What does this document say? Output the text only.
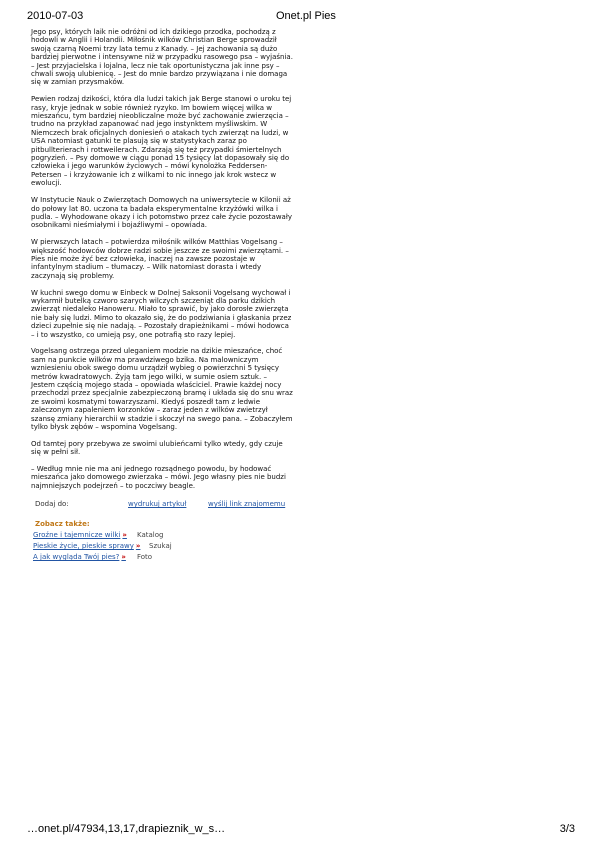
2010-07-03	Onet.pl Pies

Jego psy, których laik nie odróżni od ich dzikiego przodka, pochodzą z hodowli w Anglii i Holandii. Miłośnik wilków Christian Berge sprowadził swoją czarną Noemi trzy lata temu z Kanady. – Jej zachowania są dużo bardziej pierwotne i intensywne niż w przypadku rasowego psa – wyjaśnia. – Jest przyjacielska i lojalna, lecz nie tak oportunistyczna jak inne psy – chwali swoją ulubienicę. – Jest do mnie bardzo przywiązana i nie domaga się w zamian przysmaków.

Pewien rodzaj dzikości, która dla ludzi takich jak Berge stanowi o uroku tej rasy, kryje jednak w sobie również ryzyko. Im bowiem więcej wilka w mieszańcu, tym bardziej nieobliczalne może być zachowanie zwierzęcia – trudno na przykład zapanować nad jego instynktem myśliwskim. W Niemczech brak oficjalnych doniesień o atakach tych zwierząt na ludzi, w USA natomiast gatunki te plasują się w statystykach zaraz po pitbullterierach i rottweilerach. Zdarzają się też przypadki śmiertelnych pogryzień. – Psy domowe w ciągu ponad 15 tysięcy lat dopasowały się do człowieka i jego warunków życiowych – mówi kynolożka Feddersen-Petersen – i krzyżowanie ich z wilkami to nic innego jak krok wstecz w ewolucji.

W Instytucie Nauk o Zwierzętach Domowych na uniwersytecie w Kilonii aż do połowy lat 80. uczona ta badała eksperymentalne krzyżówki wilka i pudla. – Wyhodowane okazy i ich potomstwo przez całe życie pozostawały osobnikami nieśmiałymi i bojaźliwymi – opowiada.

W pierwszych latach – potwierdza miłośnik wilków Matthias Vogelsang – większość hodowców dobrze radzi sobie jeszcze ze swoimi zwierzętami. – Pies nie może żyć bez człowieka, inaczej na zawsze pozostaje w infantylnym stadium – tłumaczy. – Wilk natomiast dorasta i wtedy zaczynają się problemy.

W kuchni swego domu w Einbeck w Dolnej Saksonii Vogelsang wychował i wykarmił butelką czworo szarych wilczych szczeniąt dla parku dzikich zwierząt niedaleko Hanoweru. Miało to sprawić, by jako dorosłe zwierzęta nie bały się ludzi. Mimo to okazało się, że do podziwiania i głaskania przez dzieci zupełnie się nie nadają. – Pozostały drapieżnikami – mówi hodowca – i to wszystko, co umieją psy, one potrafią sto razy lepiej.

Vogelsang ostrzega przed uleganiem modzie na dzikie mieszańce, choć sam na punkcie wilków ma prawdziwego bzika. Na malowniczym wzniesieniu obok swego domu urządził wybieg o powierzchni 5 tysięcy metrów kwadratowych. Żyją tam jego wilki, w sumie osiem sztuk. – Jestem częścią mojego stada – opowiada właściciel. Prawie każdej nocy przechodzi przez specjalnie zabezpieczoną bramę i układa się do snu wraz ze swoimi kosmatymi towarzyszami. Kiedyś poszedł tam z ledwie zaleczonym zapaleniem korzonków – zaraz jeden z wilków zwietrzył szansę zmiany hierarchii w stadzie i skoczył na swego pana. – Zobaczyłem tylko błysk zębów – wspomina Vogelsang.

Od tamtej pory przebywa ze swoimi ulubieńcami tylko wtedy, gdy czuje się w pełni sił.

– Według mnie nie ma ani jednego rozsądnego powodu, by hodować mieszańca jako domowego zwierzaka – mówi. Jego własny pies nie budzi najmniejszych podejrzeń – to poczciwy beagle.

Dodaj do:	wydrukuj artykuł	wyślij link znajomemu
Zobacz także:
Groźne i tajemnicze wilki » Katalog
Pieskie życie, pieskie sprawy » Szukaj
A jak wygląda Twój pies? » Foto
…onet.pl/47934,13,17,drapieznik_w_s…	3/3
